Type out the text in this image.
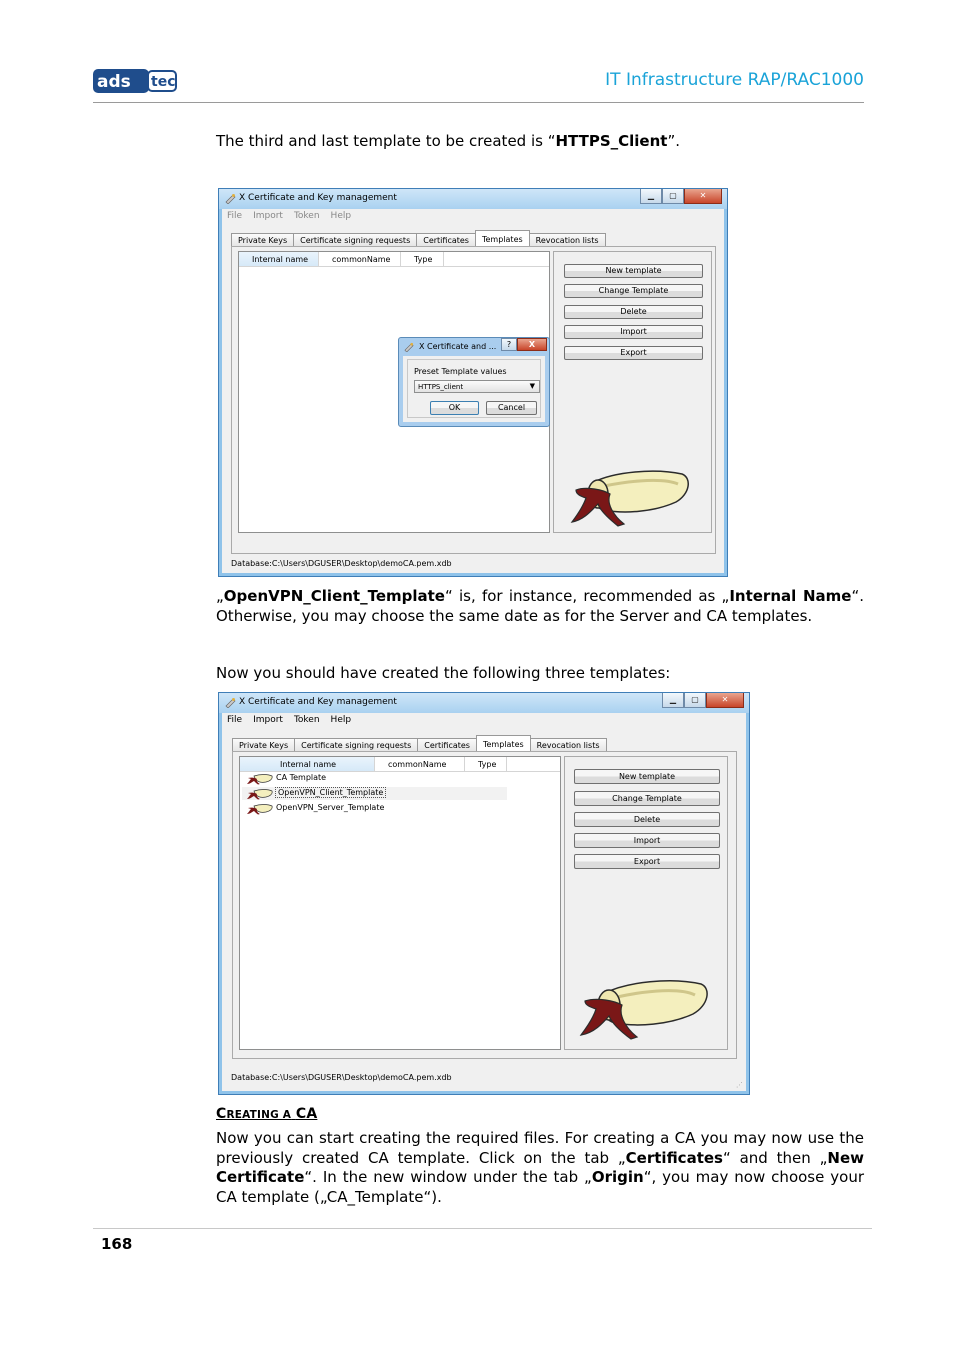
ads tec	IT Infrastructure RAP/RAC1000
The third and last template to be created is “HTTPS_Client”.
X Certificate and Key management	▁	▢	✕
File Import Token Help
Private Keys	Certificate signing requests	Certificates	Templates	Revocation lists
Internal name	commonName	Type
New template
Change Template
Delete
Import
Export
Database:C:\Users\DGUSER\Desktop\demoCA.pem.xdb
X Certificate and ...	?	X
Preset Template values
HTTPS_client	▼
OK	Cancel
„OpenVPN_Client_Template“ is, for instance, recommended as „Internal Name“. Otherwise, you may choose the same date as for the Server and CA templates.
Now you should have created the following three templates:
X Certificate and Key management	▁	▢	✕
File Import Token Help
Private Keys	Certificate signing requests	Certificates	Templates	Revocation lists
Internal name	commonName	Type
CA Template
OpenVPN_Client_Template
OpenVPN_Server_Template
New template
Change Template
Delete
Import
Export
Database:C:\Users\DGUSER\Desktop\demoCA.pem.xdb
⋰
CREATING A CA
Now you can start creating the required files. For creating a CA you may now use the previously created CA template. Click on the tab „Certificates“ and then „New Certificate“. In the new window under the tab „Origin“, you may now choose your CA template („CA_Template“).
168
